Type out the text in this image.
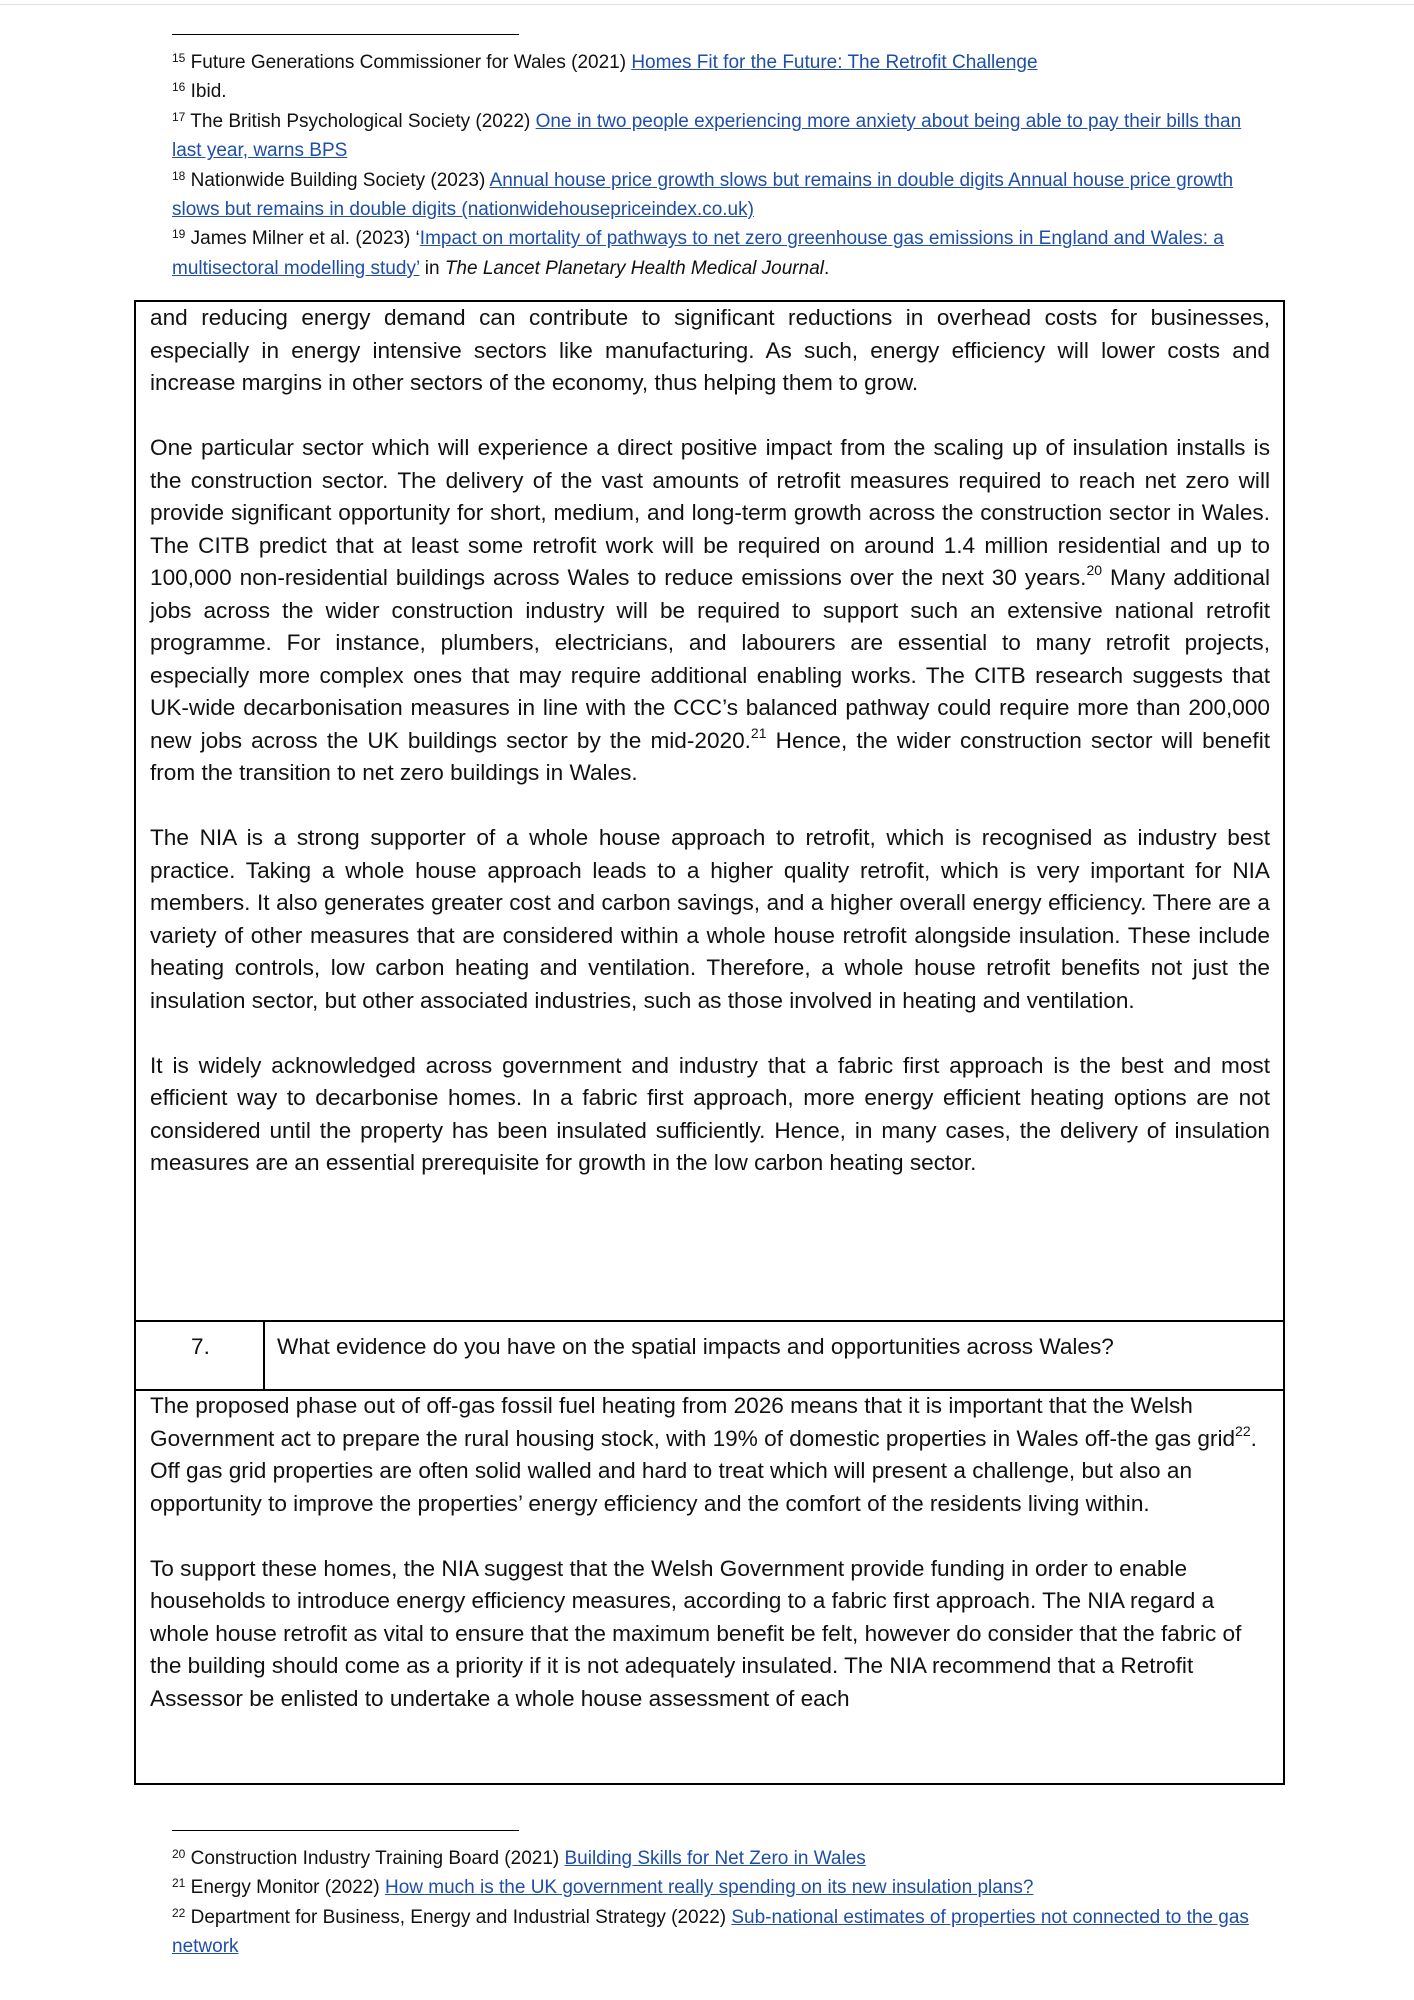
$^{15}$ Future Generations Commissioner for Wales (2021) Homes Fit for the Future: The Retrofit Challenge

$^{16}$ Ibid.

$^{17}$ The British Psychological Society (2022) One in two people experiencing more anxiety about being able to pay their bills than last year, warns BPS

$^{18}$ Nationwide Building Society (2023) Annual house price growth slows but remains in double digits Annual house price growth slows but remains in double digits (nationwidehousepriceindex.co.uk)

$^{19}$ James Milner et al. (2023) ‘Impact on mortality of pathways to net zero greenhouse gas emissions in England and Wales: a multisectoral modelling study’ in The Lancet Planetary Health Medical Journal.

and reducing energy demand can contribute to significant reductions in overhead costs for businesses, especially in energy intensive sectors like manufacturing. As such, energy efficiency will lower costs and increase margins in other sectors of the economy, thus helping them to grow.

One particular sector which will experience a direct positive impact from the scaling up of insulation installs is the construction sector. The delivery of the vast amounts of retrofit measures required to reach net zero will provide significant opportunity for short, medium, and long-term growth across the construction sector in Wales. The CITB predict that at least some retrofit work will be required on around 1.4 million residential and up to 100,000 non-residential buildings across Wales to reduce emissions over the next 30 years.$^{20}$ Many additional jobs across the wider construction industry will be required to support such an extensive national retrofit programme. For instance, plumbers, electricians, and labourers are essential to many retrofit projects, especially more complex ones that may require additional enabling works. The CITB research suggests that UK-wide decarbonisation measures in line with the CCC’s balanced pathway could require more than 200,000 new jobs across the UK buildings sector by the mid-2020.21 Hence, the wider construction sector will benefit from the transition to net zero buildings in Wales.

The NIA is a strong supporter of a whole house approach to retrofit, which is recognised as industry best practice. Taking a whole house approach leads to a higher quality retrofit, which is very important for NIA members. It also generates greater cost and carbon savings, and a higher overall energy efficiency. There are a variety of other measures that are considered within a whole house retrofit alongside insulation. These include heating controls, low carbon heating and ventilation. Therefore, a whole house retrofit benefits not just the insulation sector, but other associated industries, such as those involved in heating and ventilation.

It is widely acknowledged across government and industry that a fabric first approach is the best and most efficient way to decarbonise homes. In a fabric first approach, more energy efficient heating options are not considered until the property has been insulated sufficiently. Hence, in many cases, the delivery of insulation measures are an essential prerequisite for growth in the low carbon heating sector.

7.	What evidence do you have on the spatial impacts and opportunities across Wales?

The proposed phase out of off-gas fossil fuel heating from 2026 means that it is important that the Welsh Government act to prepare the rural housing stock, with 19% of domestic properties in Wales off-the gas grid$^{22}$. Off gas grid properties are often solid walled and hard to treat which will present a challenge, but also an opportunity to improve the properties’ energy efficiency and the comfort of the residents living within.

To support these homes, the NIA suggest that the Welsh Government provide funding in order to enable households to introduce energy efficiency measures, according to a fabric first approach. The NIA regard a whole house retrofit as vital to ensure that the maximum benefit be felt, however do consider that the fabric of the building should come as a priority if it is not adequately insulated. The NIA recommend that a Retrofit Assessor be enlisted to undertake a whole house assessment of each

$^{20}$ Construction Industry Training Board (2021) Building Skills for Net Zero in Wales

$^{21}$ Energy Monitor (2022) How much is the UK government really spending on its new insulation plans?

$^{22}$ Department for Business, Energy and Industrial Strategy (2022) Sub-national estimates of properties not connected to the gas network
